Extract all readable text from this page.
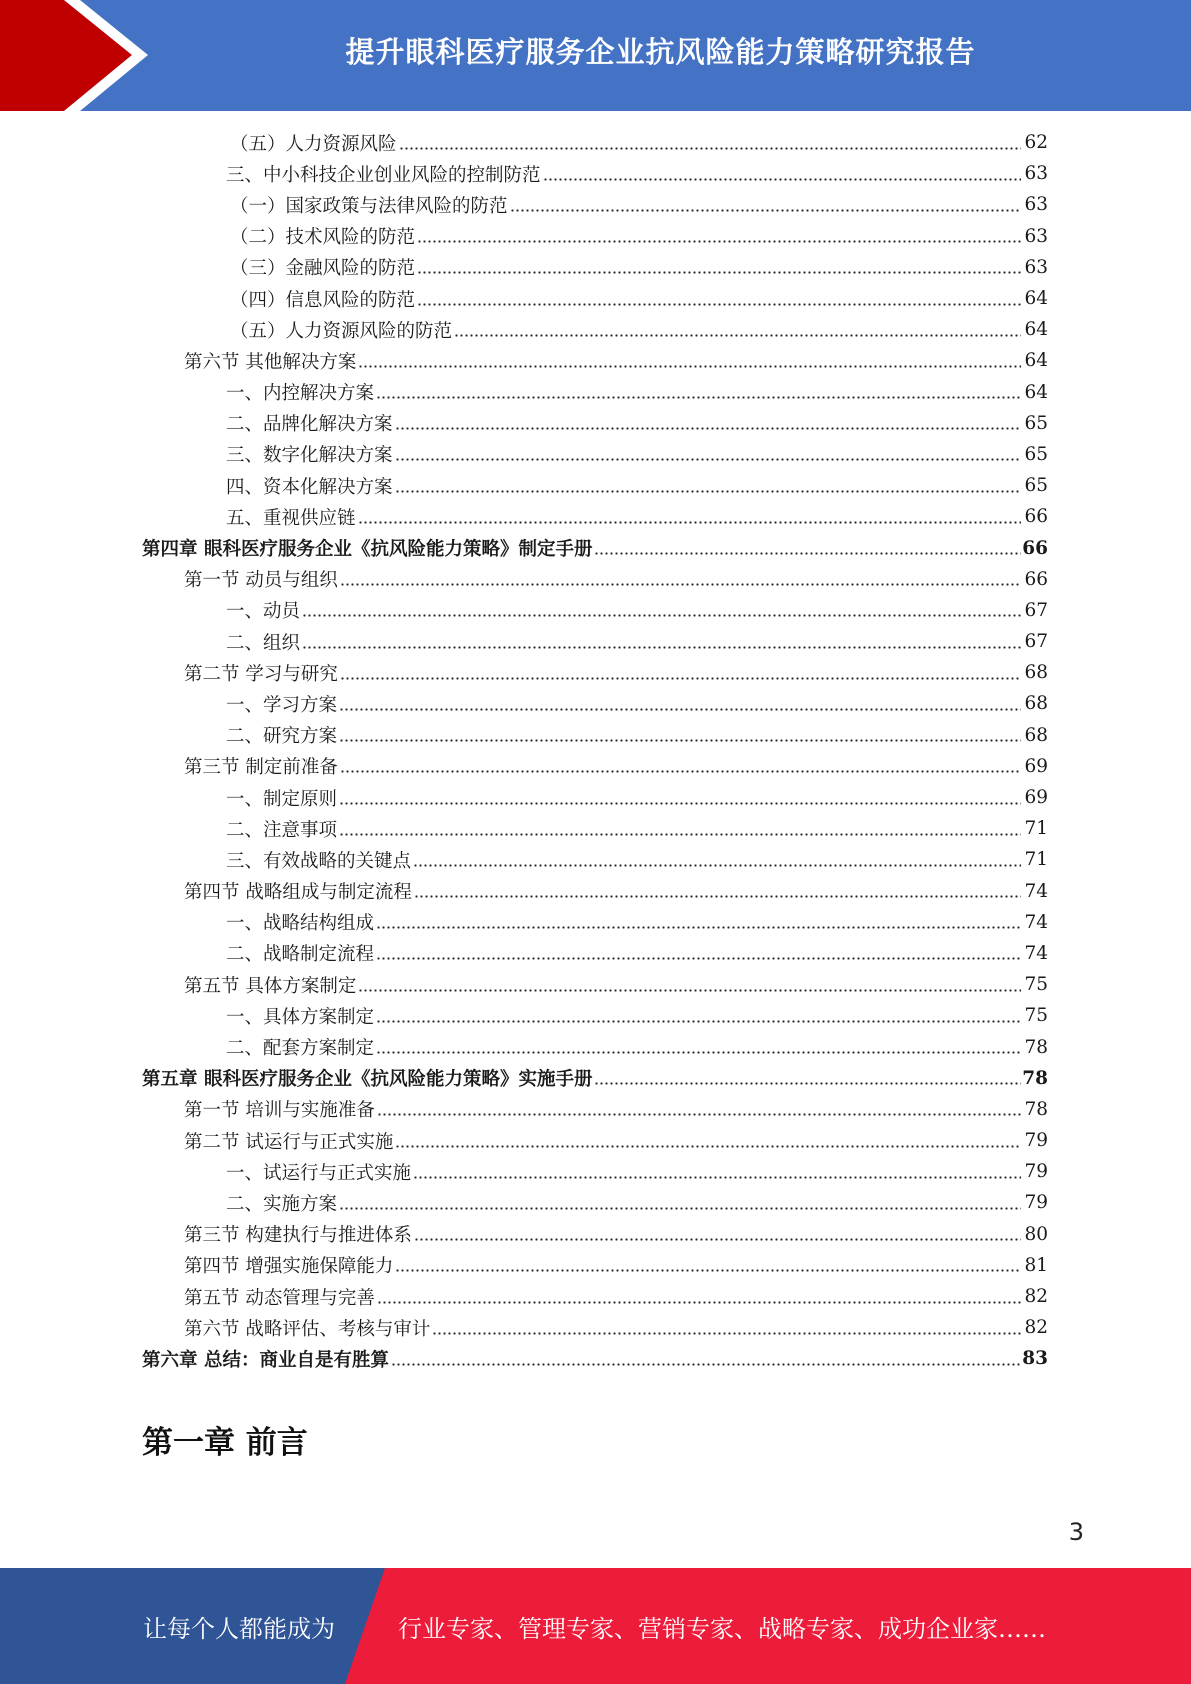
提升眼科医疗服务企业抗风险能力策略研究报告
（五）人力资源风险	62
三、中小科技企业创业风险的控制防范	63
（一）国家政策与法律风险的防范	63
（二）技术风险的防范	63
（三）金融风险的防范	63
（四）信息风险的防范	64
（五）人力资源风险的防范	64
第六节 其他解决方案	64
一、内控解决方案	64
二、品牌化解决方案	65
三、数字化解决方案	65
四、资本化解决方案	65
五、重视供应链	66
第四章 眼科医疗服务企业《抗风险能力策略》制定手册	66
第一节 动员与组织	66
一、动员	67
二、组织	67
第二节 学习与研究	68
一、学习方案	68
二、研究方案	68
第三节 制定前准备	69
一、制定原则	69
二、注意事项	71
三、有效战略的关键点	71
第四节 战略组成与制定流程	74
一、战略结构组成	74
二、战略制定流程	74
第五节 具体方案制定	75
一、具体方案制定	75
二、配套方案制定	78
第五章 眼科医疗服务企业《抗风险能力策略》实施手册	78
第一节 培训与实施准备	78
第二节 试运行与正式实施	79
一、试运行与正式实施	79
二、实施方案	79
第三节 构建执行与推进体系	80
第四节 增强实施保障能力	81
第五节 动态管理与完善	82
第六节 战略评估、考核与审计	82
第六章 总结：商业自是有胜算	83
第一章 前言
3
让每个人都能成为	行业专家、管理专家、营销专家、战略专家、成功企业家……
